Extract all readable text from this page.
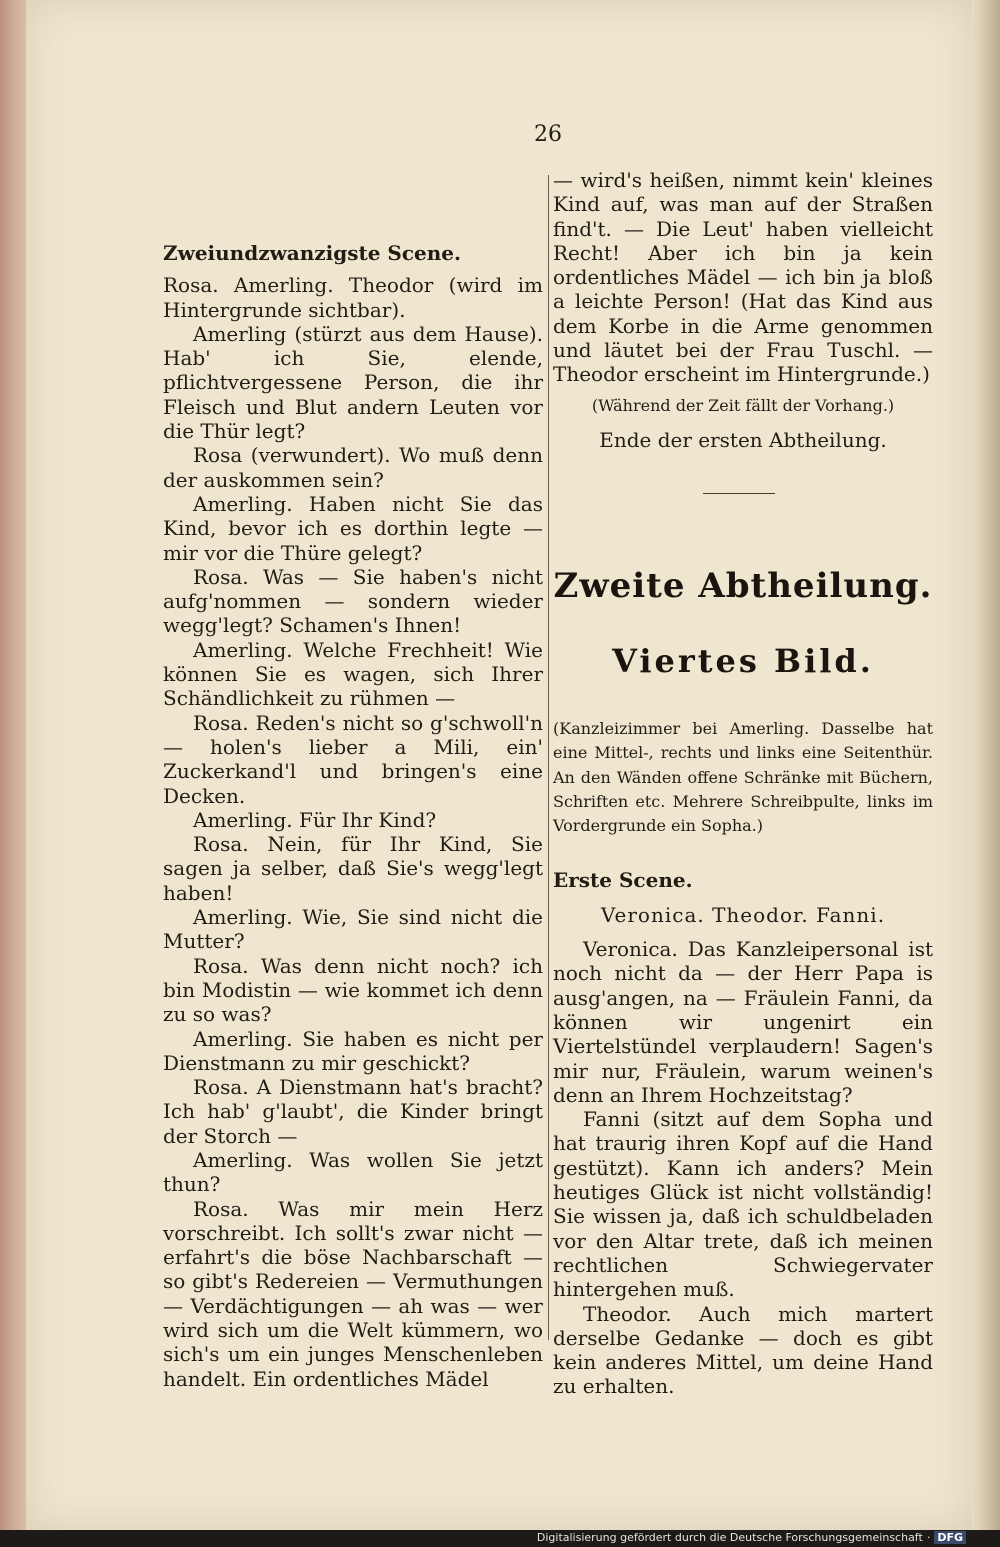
26

Zweiundzwanzigste Scene.

Rosa. Amerling. Theodor (wird im Hintergrunde sichtbar).

Amerling (stürzt aus dem Hause). Hab' ich Sie, elende, pflichtvergessene Person, die ihr Fleisch und Blut andern Leuten vor die Thür legt?

Rosa (verwundert). Wo muß denn der auskommen sein?

Amerling. Haben nicht Sie das Kind, bevor ich es dorthin legte — mir vor die Thüre gelegt?

Rosa. Was — Sie haben's nicht aufg'nommen — sondern wieder wegg'legt? Schamen's Ihnen!

Amerling. Welche Frechheit! Wie können Sie es wagen, sich Ihrer Schändlichkeit zu rühmen —

Rosa. Reden's nicht so g'schwoll'n — holen's lieber a Mili, ein' Zuckerkand'l und bringen's eine Decken.

Amerling. Für Ihr Kind?

Rosa. Nein, für Ihr Kind, Sie sagen ja selber, daß Sie's wegg'legt haben!

Amerling. Wie, Sie sind nicht die Mutter?

Rosa. Was denn nicht noch? ich bin Modistin — wie kommet ich denn zu so was?

Amerling. Sie haben es nicht per Dienstmann zu mir geschickt?

Rosa. A Dienstmann hat's bracht? Ich hab' g'laubt', die Kinder bringt der Storch —

Amerling. Was wollen Sie jetzt thun?

Rosa. Was mir mein Herz vorschreibt. Ich sollt's zwar nicht — erfahrt's die böse Nachbarschaft — so gibt's Redereien — Vermuthungen — Verdächtigungen — ah was — wer wird sich um die Welt kümmern, wo sich's um ein junges Menschenleben handelt. Ein ordentliches Mädel

— wird's heißen, nimmt kein' kleines Kind auf, was man auf der Straßen find't. — Die Leut' haben vielleicht Recht! Aber ich bin ja kein ordentliches Mädel — ich bin ja bloß a leichte Person! (Hat das Kind aus dem Korbe in die Arme genommen und läutet bei der Frau Tuschl. — Theodor erscheint im Hintergrunde.)

(Während der Zeit fällt der Vorhang.)

Ende der ersten Abtheilung.

Zweite Abtheilung.
Viertes Bild.

(Kanzleizimmer bei Amerling. Dasselbe hat eine Mittel-, rechts und links eine Seitenthür. An den Wänden offene Schränke mit Büchern, Schriften etc. Mehrere Schreibpulte, links im Vordergrunde ein Sopha.)

Erste Scene.

Veronica. Theodor. Fanni.

Veronica. Das Kanzleipersonal ist noch nicht da — der Herr Papa is ausg'angen, na — Fräulein Fanni, da können wir ungenirt ein Viertelstündel verplaudern! Sagen's mir nur, Fräulein, warum weinen's denn an Ihrem Hochzeitstag?

Fanni (sitzt auf dem Sopha und hat traurig ihren Kopf auf die Hand gestützt). Kann ich anders? Mein heutiges Glück ist nicht vollständig! Sie wissen ja, daß ich schuldbeladen vor den Altar trete, daß ich meinen rechtlichen Schwiegervater hintergehen muß.

Theodor. Auch mich martert derselbe Gedanke — doch es gibt kein anderes Mittel, um deine Hand zu erhalten.

Digitalisierung gefördert durch die Deutsche Forschungsgemeinschaft · DFG
